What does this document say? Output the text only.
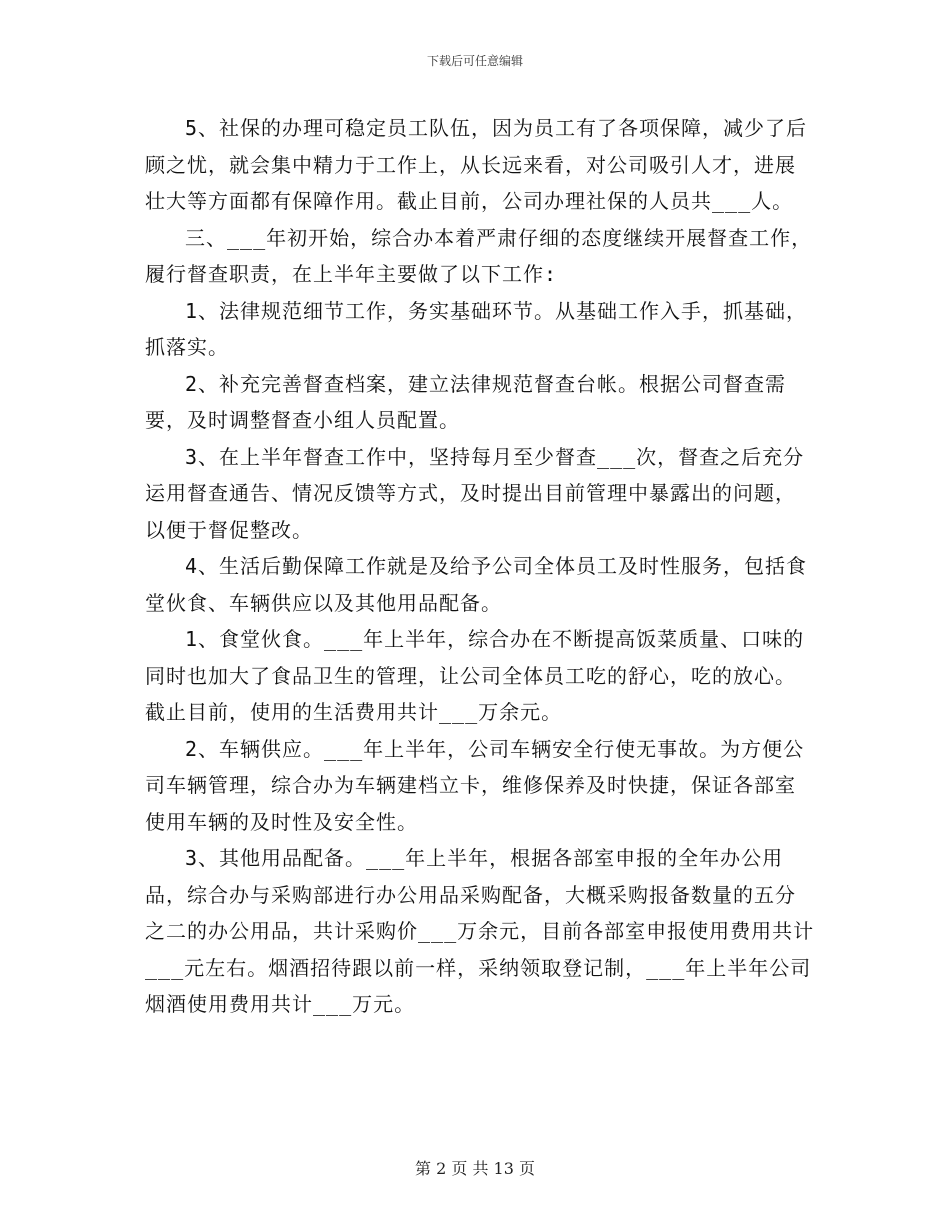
下载后可任意编辑

5、社保的办理可稳定员工队伍，因为员工有了各项保障，减少了后顾之忧，就会集中精力于工作上，从长远来看，对公司吸引人才，进展壮大等方面都有保障作用。截止目前，公司办理社保的人员共___人。

三、___年初开始，综合办本着严肃仔细的态度继续开展督查工作，履行督查职责，在上半年主要做了以下工作:

1、法律规范细节工作，务实基础环节。从基础工作入手，抓基础，抓落实。

2、补充完善督查档案，建立法律规范督查台帐。根据公司督查需要，及时调整督查小组人员配置。

3、在上半年督查工作中，坚持每月至少督查___次，督查之后充分运用督查通告、情况反馈等方式，及时提出目前管理中暴露出的问题，以便于督促整改。

4、生活后勤保障工作就是及给予公司全体员工及时性服务，包括食堂伙食、车辆供应以及其他用品配备。

1、食堂伙食。___年上半年，综合办在不断提高饭菜质量、口味的同时也加大了食品卫生的管理，让公司全体员工吃的舒心，吃的放心。截止目前，使用的生活费用共计___万余元。

2、车辆供应。___年上半年，公司车辆安全行使无事故。为方便公司车辆管理，综合办为车辆建档立卡，维修保养及时快捷，保证各部室使用车辆的及时性及安全性。

3、其他用品配备。___年上半年，根据各部室申报的全年办公用品，综合办与采购部进行办公用品采购配备，大概采购报备数量的五分之二的办公用品，共计采购价___万余元，目前各部室申报使用费用共计___元左右。烟酒招待跟以前一样，采纳领取登记制，___年上半年公司烟酒使用费用共计___万元。

第 2 页 共 13 页
